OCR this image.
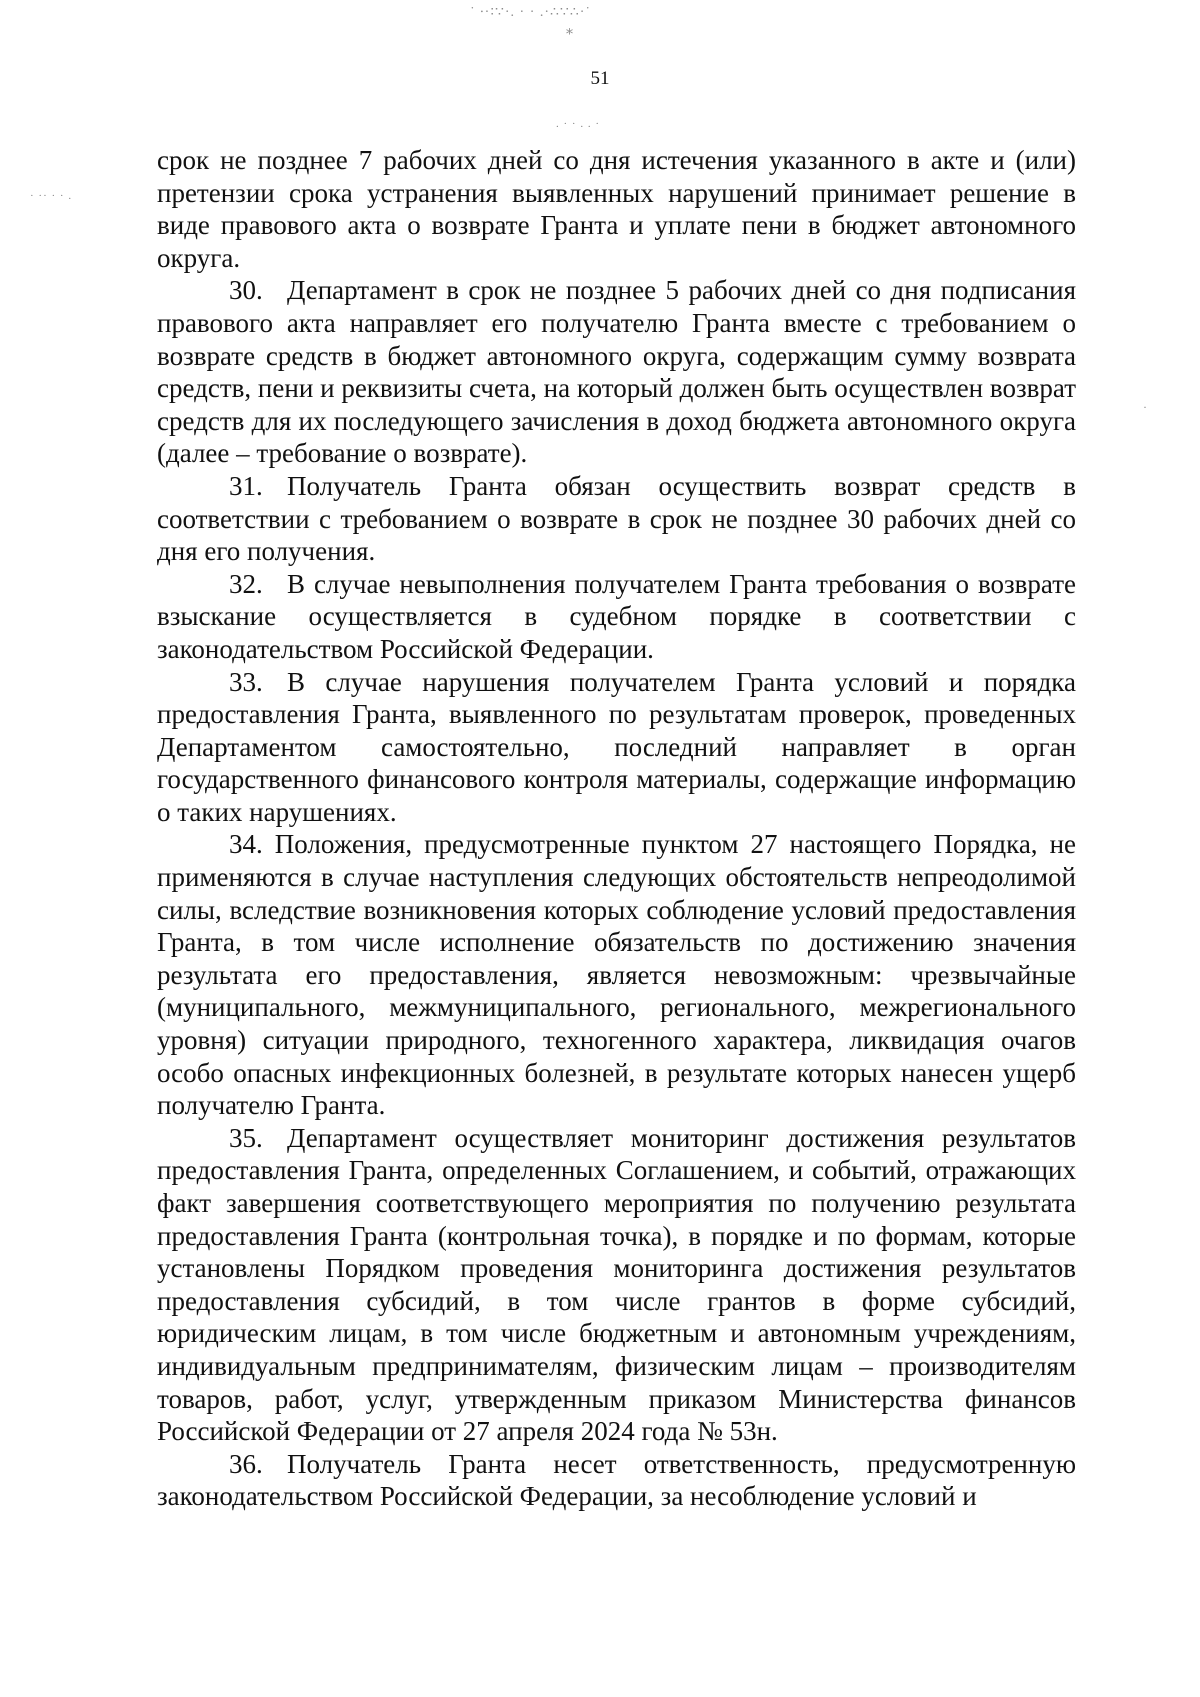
˙ ∙·∶∵·. · · .·∴∵∴·˙
⁎
. · · . . ·
· ·· · · .
·
51

срок не позднее 7 рабочих дней со дня истечения указанного в акте и (или) претензии срока устранения выявленных нарушений принимает решение в виде правового акта о возврате Гранта и уплате пени в бюджет автономного округа.

30. Департамент в срок не позднее 5 рабочих дней со дня подписания правового акта направляет его получателю Гранта вместе с требованием о возврате средств в бюджет автономного округа, содержащим сумму возврата средств, пени и реквизиты счета, на который должен быть осуществлен возврат средств для их последующего зачисления в доход бюджета автономного округа (далее – требование о возврате).

31. Получатель Гранта обязан осуществить возврат средств в соответствии с требованием о возврате в срок не позднее 30 рабочих дней со дня его получения.

32. В случае невыполнения получателем Гранта требования о возврате взыскание осуществляется в судебном порядке в соответствии с законодательством Российской Федерации.

33. В случае нарушения получателем Гранта условий и порядка предоставления Гранта, выявленного по результатам проверок, проведенных Департаментом самостоятельно, последний направляет в орган государственного финансового контроля материалы, содержащие информацию о таких нарушениях.

34. Положения, предусмотренные пунктом 27 настоящего Порядка, не применяются в случае наступления следующих обстоятельств непреодолимой силы, вследствие возникновения которых соблюдение условий предоставления Гранта, в том числе исполнение обязательств по достижению значения результата его предоставления, является невозможным: чрезвычайные (муниципального, межмуниципального, регионального, межрегионального уровня) ситуации природного, техногенного характера, ликвидация очагов особо опасных инфекционных болезней, в результате которых нанесен ущерб получателю Гранта.

35. Департамент осуществляет мониторинг достижения результатов предоставления Гранта, определенных Соглашением, и событий, отражающих факт завершения соответствующего мероприятия по получению результата предоставления Гранта (контрольная точка), в порядке и по формам, которые установлены Порядком проведения мониторинга достижения результатов предоставления субсидий, в том числе грантов в форме субсидий, юридическим лицам, в том числе бюджетным и автономным учреждениям, индивидуальным предпринимателям, физическим лицам – производителям товаров, работ, услуг, утвержденным приказом Министерства финансов Российской Федерации от 27 апреля 2024 года № 53н.

36. Получатель Гранта несет ответственность, предусмотренную законодательством Российской Федерации, за несоблюдение условий и
